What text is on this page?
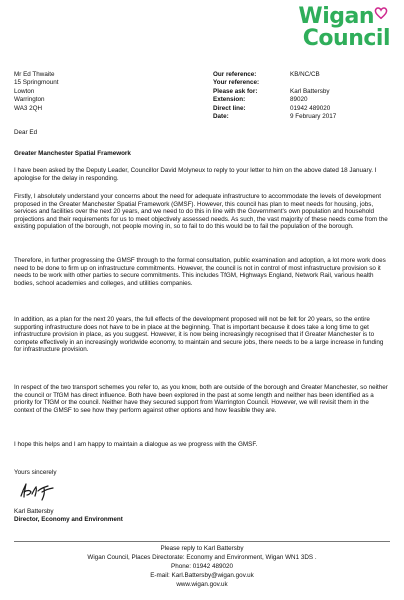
Wigan
Council
Mr Ed Thwaite
15 Springmount
Lowton
Warrington
WA3 2QH
Our reference:	KB/NC/CB
Your reference:
Please ask for:	Karl Battersby
Extension:	89020
Direct line:	01942 489020
Date:	9 February 2017
Dear Ed
Greater Manchester Spatial Framework

I have been asked by the Deputy Leader, Councillor David Molyneux to reply to your letter to him on the above dated 18 January. I apologise for the delay in responding.

Firstly, I absolutely understand your concerns about the need for adequate infrastructure to accommodate the levels of development proposed in the Greater Manchester Spatial Framework (GMSF). However, this council has plan to meet needs for housing, jobs, services and facilities over the next 20 years, and we need to do this in line with the Government's own population and household projections and their requirements for us to meet objectively assessed needs. As such, the vast majority of these needs come from the existing population of the borough, not people moving in, so to fail to do this would be to fail the population of the borough.

Therefore, in further progressing the GMSF through to the formal consultation, public examination and adoption, a lot more work does need to be done to firm up on infrastructure commitments. However, the council is not in control of most infrastructure provision so it needs to be work with other parties to secure commitments. This includes TfGM, Highways England, Network Rail, various health bodies, school academies and colleges, and utilities companies.

In addition, as a plan for the next 20 years, the full effects of the development proposed will not be felt for 20 years, so the entire supporting infrastructure does not have to be in place at the beginning. That is important because it does take a long time to get infrastructure provision in place, as you suggest. However, it is now being increasingly recognised that if Greater Manchester is to compete effectively in an increasingly worldwide economy, to maintain and secure jobs, there needs to be a large increase in funding for infrastructure provision.

In respect of the two transport schemes you refer to, as you know, both are outside of the borough and Greater Manchester, so neither the council or TfGM has direct influence. Both have been explored in the past at some length and neither has been identified as a priority for TfGM or the council. Neither have they secured support from Warrington Council. However, we will revisit them in the context of the GMSF to see how they perform against other options and how feasible they are.

I hope this helps and I am happy to maintain a dialogue as we progress with the GMSF.

Yours sincerely
Karl Battersby
Director, Economy and Environment
Please reply to Karl Battersby
Wigan Council, Places Directorate: Economy and Environment, Wigan WN1 3DS .
Phone: 01942 489020
E-mail: Karl.Battersby@wigan.gov.uk
www.wigan.gov.uk
